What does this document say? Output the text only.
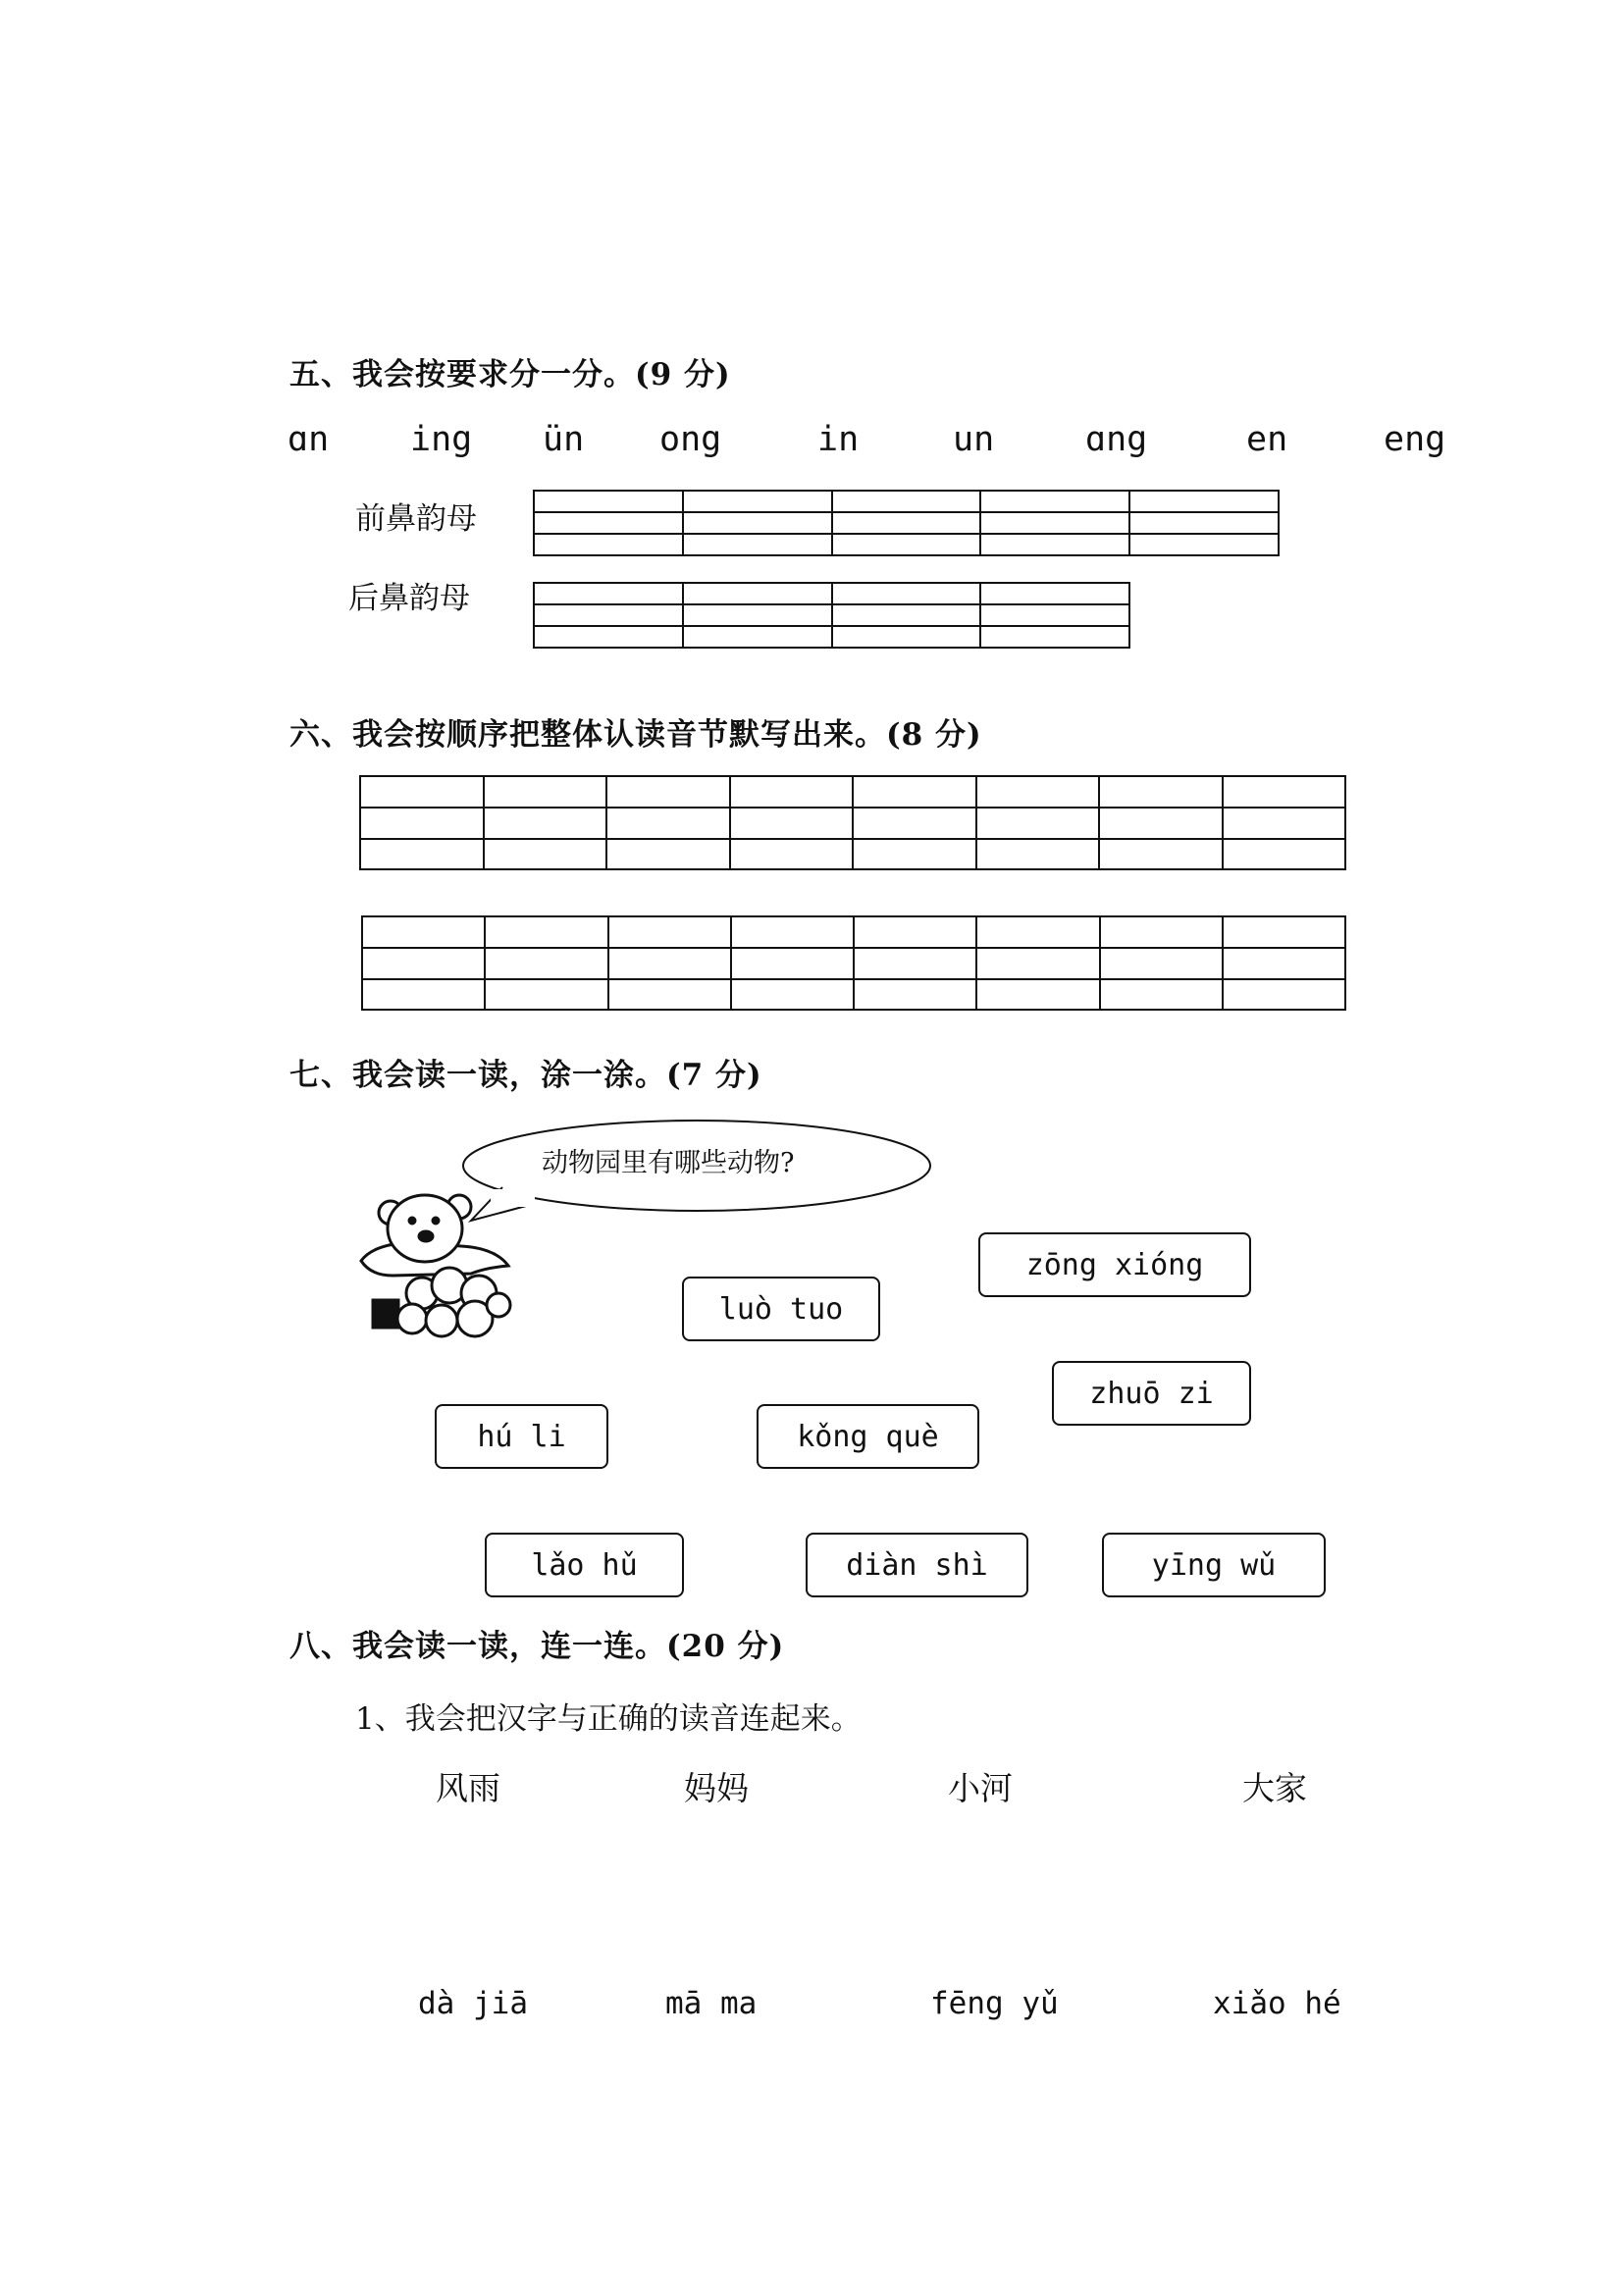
五、我会按要求分一分。(9 分)
ɑn ing ün ong	in	un	ɑng	en	eng
前鼻韵母
后鼻韵母
六、我会按顺序把整体认读音节默写出来。(8 分)
七、我会读一读，涂一涂。(7 分)
动物园里有哪些动物?
zōng xióng
luò tuo
zhuō zi
hú li	kǒng què
lǎo hǔ	diàn shì	yīng wǔ
八、我会读一读，连一连。(20 分)
1、我会把汉字与正确的读音连起来。
风雨	妈妈	小河	大家
dà jiā	mā ma	fēng yǔ	xiǎo hé
